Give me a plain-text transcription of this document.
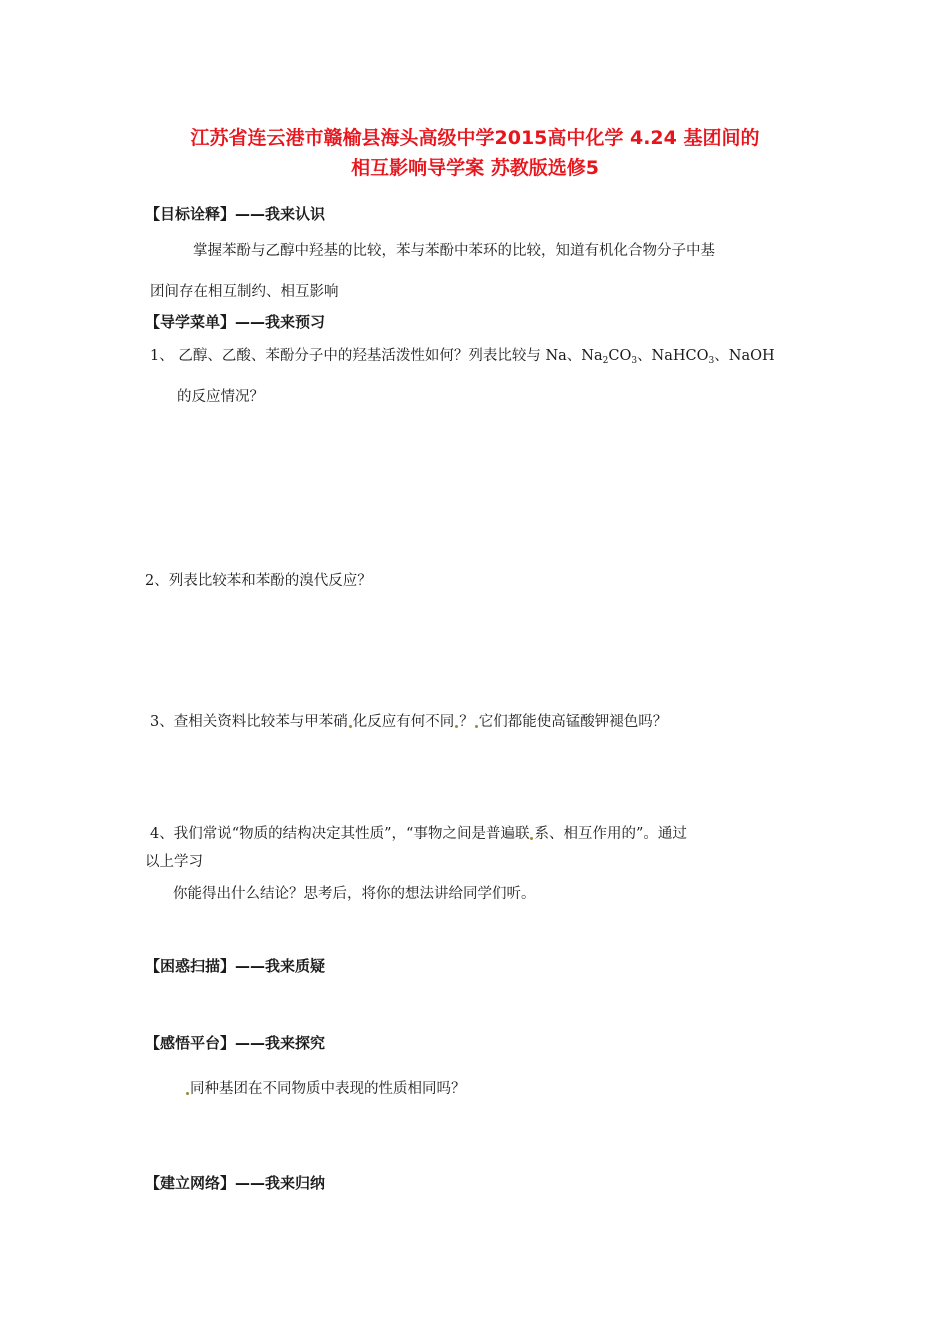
江苏省连云港市赣榆县海头高级中学2015高中化学 4.24 基团间的
相互影响导学案 苏教版选修5
【目标诠释】——我来认识
掌握苯酚与乙醇中羟基的比较，苯与苯酚中苯环的比较，知道有机化合物分子中基
团间存在相互制约、相互影响
【导学菜单】——我来预习
1、 乙醇、乙酸、苯酚分子中的羟基活泼性如何？列表比较与 Na、$Na_2CO_3$、NaHCO$_3$、NaOH
的反应情况？
2、列表比较苯和苯酚的溴代反应？
3、查相关资料比较苯与甲苯硝 化反应有何不同 ？ 它们都能使高锰酸钾褪色吗？
4、我们常说“物质的结构决定其性质”，“事物之间是普遍联 系、相互作用的”。通过
以上学习
你能得出什么结论？思考后，将你的想法讲给同学们听。
【困惑扫描】——我来质疑
【感悟平台】——我来探究
同种基团在不同物质中表现的性质相同吗？
【建立网络】——我来归纳
